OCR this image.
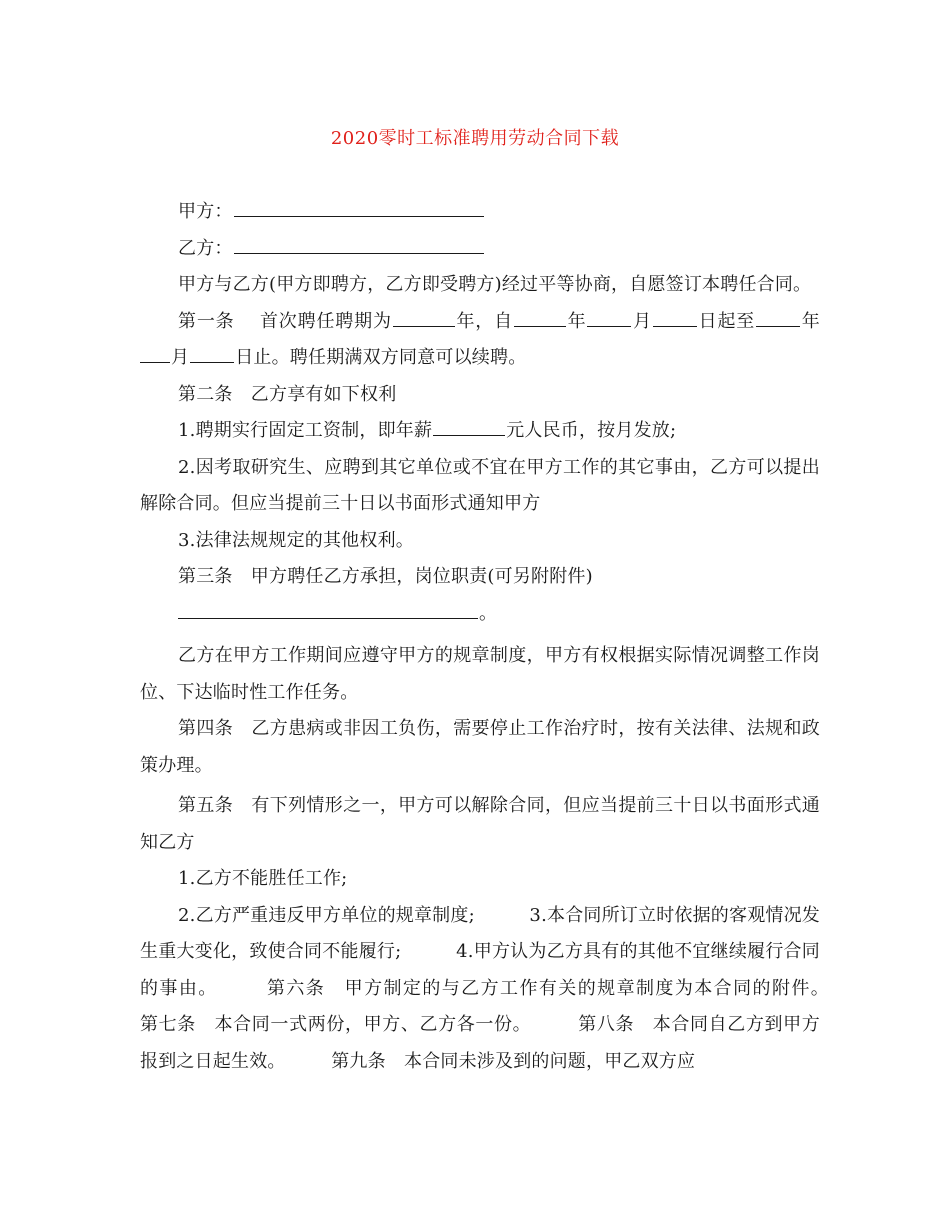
2020零时工标准聘用劳动合同下载

甲方：

乙方：

甲方与乙方(甲方即聘方，乙方即受聘方)经过平等协商，自愿签订本聘任合同。

第一条　 首次聘任聘期为	年，自	年	月	日起至	年月	日止。聘任期满双方同意可以续聘。

第二条　乙方享有如下权利

1.聘期实行固定工资制，即年薪	元人民币，按月发放;

2.因考取研究生、应聘到其它单位或不宜在甲方工作的其它事由，乙方可以提出解除合同。但应当提前三十日以书面形式通知甲方

3.法律法规规定的其他权利。

第三条　甲方聘任乙方承担，岗位职责(可另附附件)

。

乙方在甲方工作期间应遵守甲方的规章制度，甲方有权根据实际情况调整工作岗位、下达临时性工作任务。

第四条　乙方患病或非因工负伤，需要停止工作治疗时，按有关法律、法规和政策办理。

第五条　有下列情形之一，甲方可以解除合同，但应当提前三十日以书面形式通知乙方

1.乙方不能胜任工作;

2.乙方严重违反甲方单位的规章制度;　　　3.本合同所订立时依据的客观情况发生重大变化，致使合同不能履行;　　　4.甲方认为乙方具有的其他不宜继续履行合同的事由。　　　第六条　甲方制定的与乙方工作有关的规章制度为本合同的附件。　　　第七条　本合同一式两份，甲方、乙方各一份。　　　第八条　本合同自乙方到甲方报到之日起生效。　　　第九条　本合同未涉及到的问题，甲乙双方应
